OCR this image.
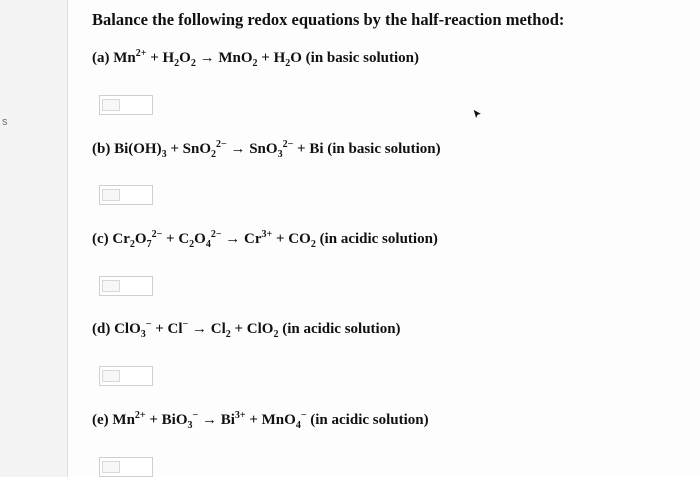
s
Balance the following redox equations by the half-reaction method:
(a) $Mn^{2+} + H_2O_2 \to MnO_2 + H_2O$ (in basic solution)
(b) $Bi(OH)_3 + SnO_2^{2-} \to SnO_3^{2-} + Bi$ (in basic solution)
(c) $Cr_2O_7^{2-} + C_2O_4^{2-} \to Cr^{3+} + CO_2$ (in acidic solution)
(d) $ClO_3^- + Cl^- \to Cl_2 + ClO_2$ (in acidic solution)
(e) $Mn^{2+} + BiO_3^- \to Bi^{3+} + MnO_4^-$ (in acidic solution)
